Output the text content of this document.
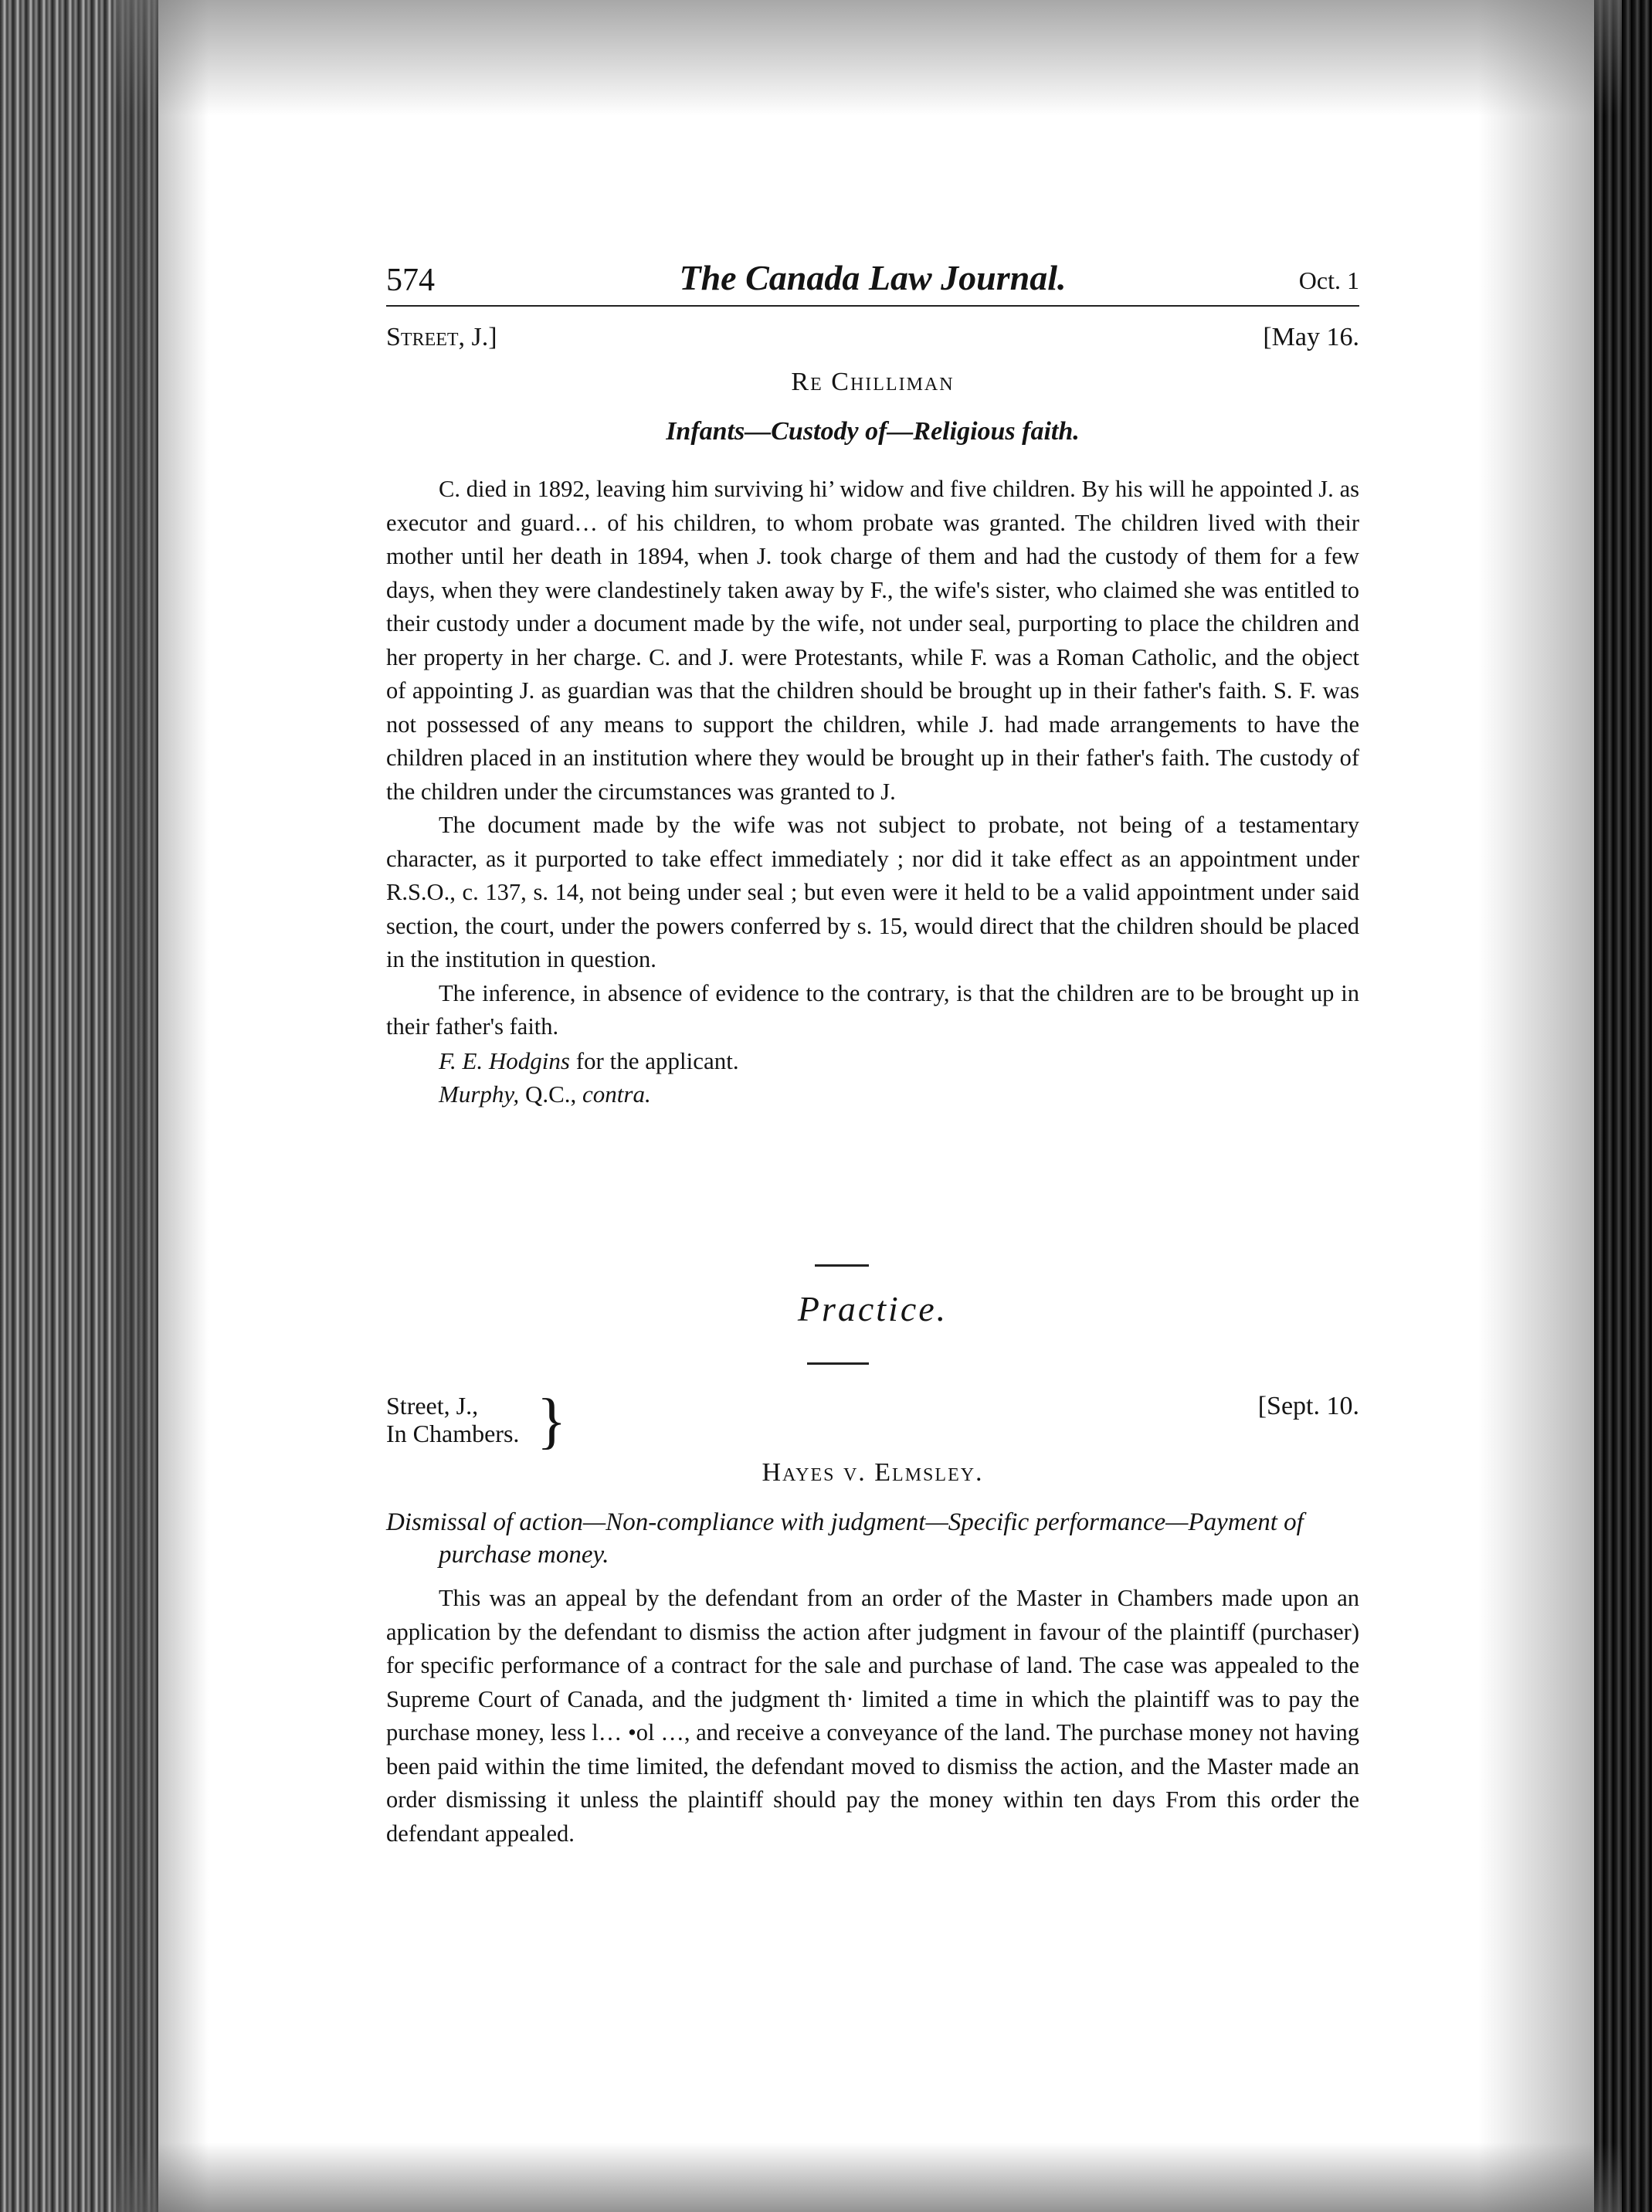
574	The Canada Law Journal.	Oct. 1
Street, J.]	[May 16.
Re Chilliman
Infants—Custody of—Religious faith.

C. died in 1892, leaving him surviving hi’ widow and five children. By his will he appointed J. as executor and guard… of his children, to whom probate was granted. The children lived with their mother until her death in 1894, when J. took charge of them and had the custody of them for a few days, when they were clandestinely taken away by F., the wife's sister, who claimed she was entitled to their custody under a document made by the wife, not under seal, purporting to place the children and her property in her charge. C. and J. were Protestants, while F. was a Roman Catholic, and the object of appointing J. as guardian was that the children should be brought up in their father's faith. S. F. was not possessed of any means to support the children, while J. had made arrangements to have the children placed in an institution where they would be brought up in their father's faith. The custody of the children under the circumstances was granted to J.

The document made by the wife was not subject to probate, not being of a testamentary character, as it purported to take effect immediately ; nor did it take effect as an appointment under R.S.O., c. 137, s. 14, not being under seal ; but even were it held to be a valid appointment under said section, the court, under the powers conferred by s. 15, would direct that the children should be placed in the institution in question.

The inference, in absence of evidence to the contrary, is that the children are to be brought up in their father's faith.

F. E. Hodgins for the applicant.

Murphy, Q.C., contra.

Practice.
Street, J.,
In Chambers. }	[Sept. 10.
Hayes v. Elmsley.

Dismissal of action—Non-compliance with judgment—Specific performance—Payment of purchase money.

This was an appeal by the defendant from an order of the Master in Chambers made upon an application by the defendant to dismiss the action after judgment in favour of the plaintiff (purchaser) for specific performance of a contract for the sale and purchase of land. The case was appealed to the Supreme Court of Canada, and the judgment th· limited a time in which the plaintiff was to pay the purchase money, less l… •ol …, and receive a conveyance of the land. The purchase money not having been paid within the time limited, the defendant moved to dismiss the action, and the Master made an order dismissing it unless the plaintiff should pay the money within ten days From this order the defendant appealed.
